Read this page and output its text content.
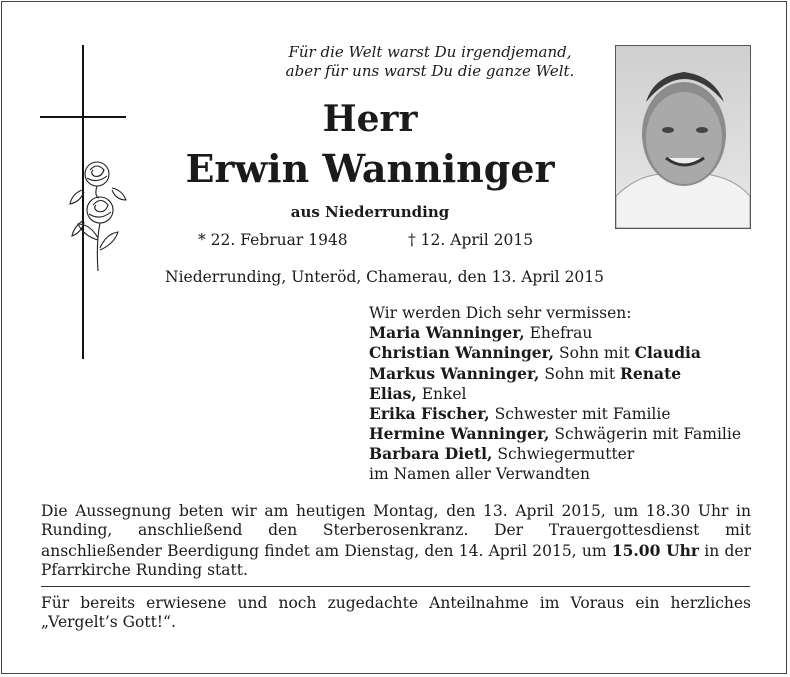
Für die Welt warst Du irgendjemand,
aber für uns warst Du die ganze Welt.
Herr
Erwin Wanninger
aus Niederrunding
* 22. Februar 1948	† 12. April 2015
Niederrunding, Unteröd, Chamerau, den 13. April 2015
Wir werden Dich sehr vermissen:
Maria Wanninger, Ehefrau
Christian Wanninger, Sohn mit Claudia
Markus Wanninger, Sohn mit Renate
Elias, Enkel
Erika Fischer, Schwester mit Familie
Hermine Wanninger, Schwägerin mit Familie
Barbara Dietl, Schwiegermutter
im Namen aller Verwandten
Die Aussegnung beten wir am heutigen Montag, den 13. April 2015, um 18.30 Uhr in Runding, anschließend den Sterberosenkranz. Der Trauergottesdienst mit anschließender Beerdigung findet am Dienstag, den 14. April 2015, um 15.00 Uhr in der Pfarrkirche Runding statt.
Für bereits erwiesene und noch zugedachte Anteilnahme im Voraus ein herzliches „Vergelt’s Gott!“.
